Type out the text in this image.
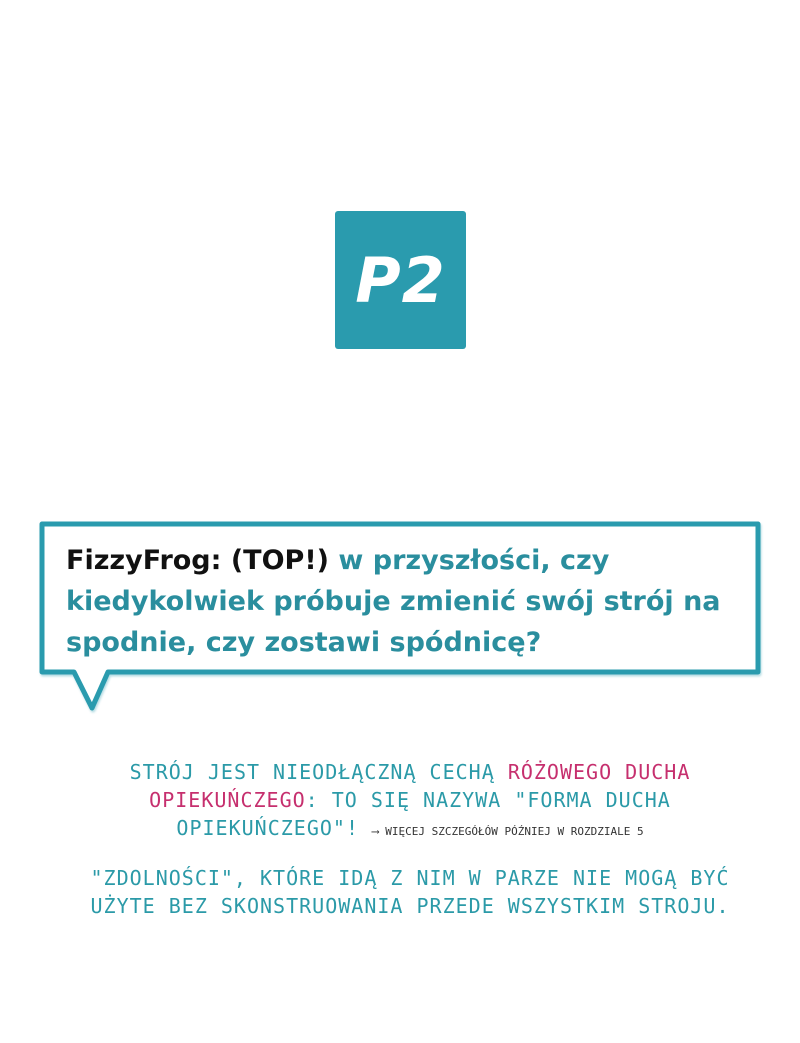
P2

FizzyFrog: (TOP!) w przyszłości, czy kiedykolwiek próbuje zmienić swój strój na spodnie, czy zostawi spódnicę?

STRÓJ JEST NIEODŁĄCZNĄ CECHĄ RÓŻOWEGO DUCHA OPIEKUŃCZEGO: TO SIĘ NAZYWA "FORMA DUCHA OPIEKUŃCZEGO"! ⟶ WIĘCEJ SZCZEGÓŁÓW PÓŹNIEJ W ROZDZIALE 5

"ZDOLNOŚCI", KTÓRE IDĄ Z NIM W PARZE NIE MOGĄ BYĆ UŻYTE BEZ SKONSTRUOWANIA PRZEDE WSZYSTKIM STROJU.
